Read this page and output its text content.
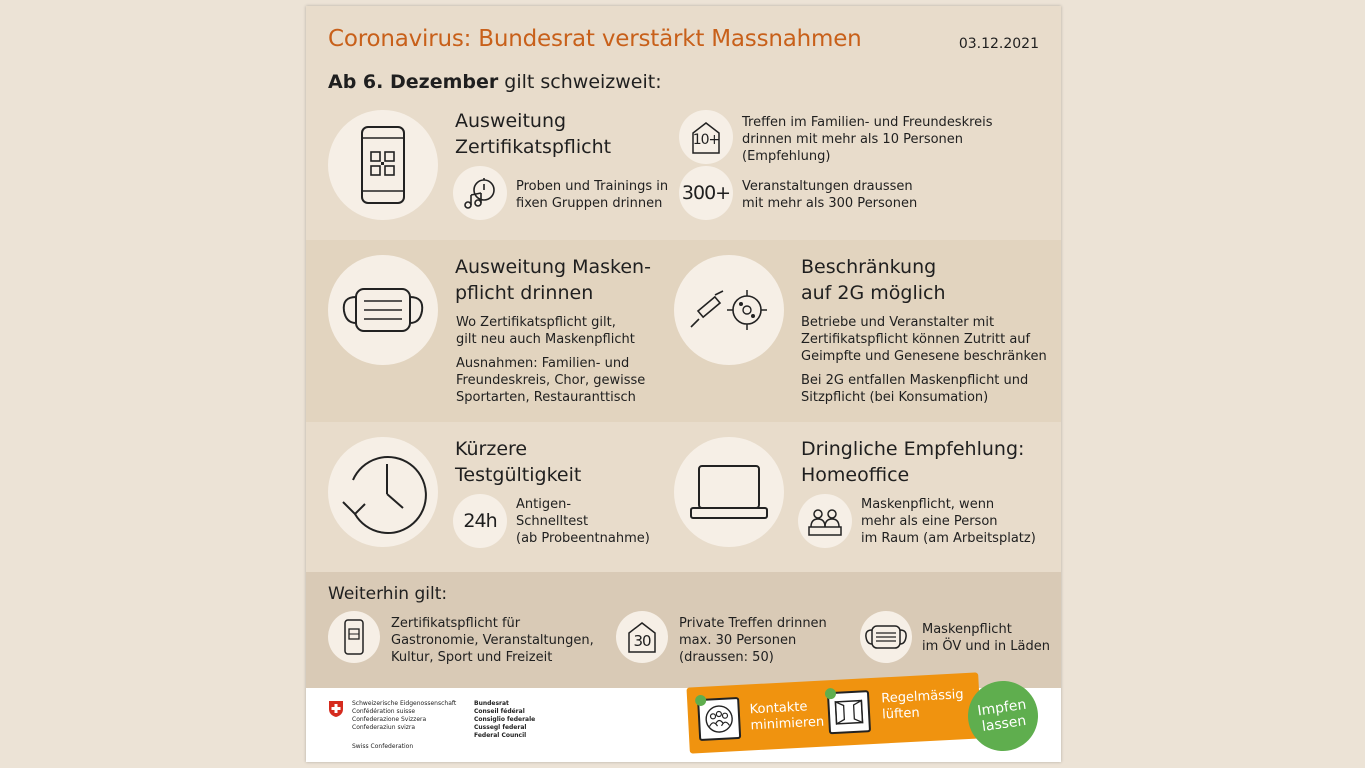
Coronavirus: Bundesrat verstärkt Massnahmen	03.12.2021
Ab 6. Dezember gilt schweizweit:
Ausweitung
Zertifikatspflicht
Proben und Trainings in
fixen Gruppen drinnen
10+
Treffen im Familien- und Freundeskreis
drinnen mit mehr als 10 Personen
(Empfehlung)
300+ Veranstaltungen draussen
mit mehr als 300 Personen
Ausweitung Masken-
pflicht drinnen
Wo Zertifikatspflicht gilt,
gilt neu auch Maskenpflicht
Ausnahmen: Familien- und
Freundeskreis, Chor, gewisse
Sportarten, Restauranttisch
Beschränkung
auf 2G möglich
Betriebe und Veranstalter mit
Zertifikatspflicht können Zutritt auf
Geimpfte und Genesene beschränken
Bei 2G entfallen Maskenpflicht und
Sitzpflicht (bei Konsumation)
Kürzere
Testgültigkeit
24h
Antigen-
Schnelltest
(ab Probeentnahme)
Dringliche Empfehlung:
Homeoffice
Maskenpflicht, wenn
mehr als eine Person
im Raum (am Arbeitsplatz)
Weiterhin gilt:
Zertifikatspflicht für
Gastronomie, Veranstaltungen,
Kultur, Sport und Freizeit
30
Private Treffen drinnen
max. 30 Personen
(draussen: 50)
Maskenpflicht
im ÖV und in Läden
Schweizerische Eidgenossenschaft
Confédération suisse
Confederazione Svizzera
Confederaziun svizra
Swiss Confederation
Bundesrat
Conseil fédéral
Consiglio federale
Cussegl federal
Federal Council
Kontakte
minimieren
Regelmässig
lüften	Impfen
lassen
